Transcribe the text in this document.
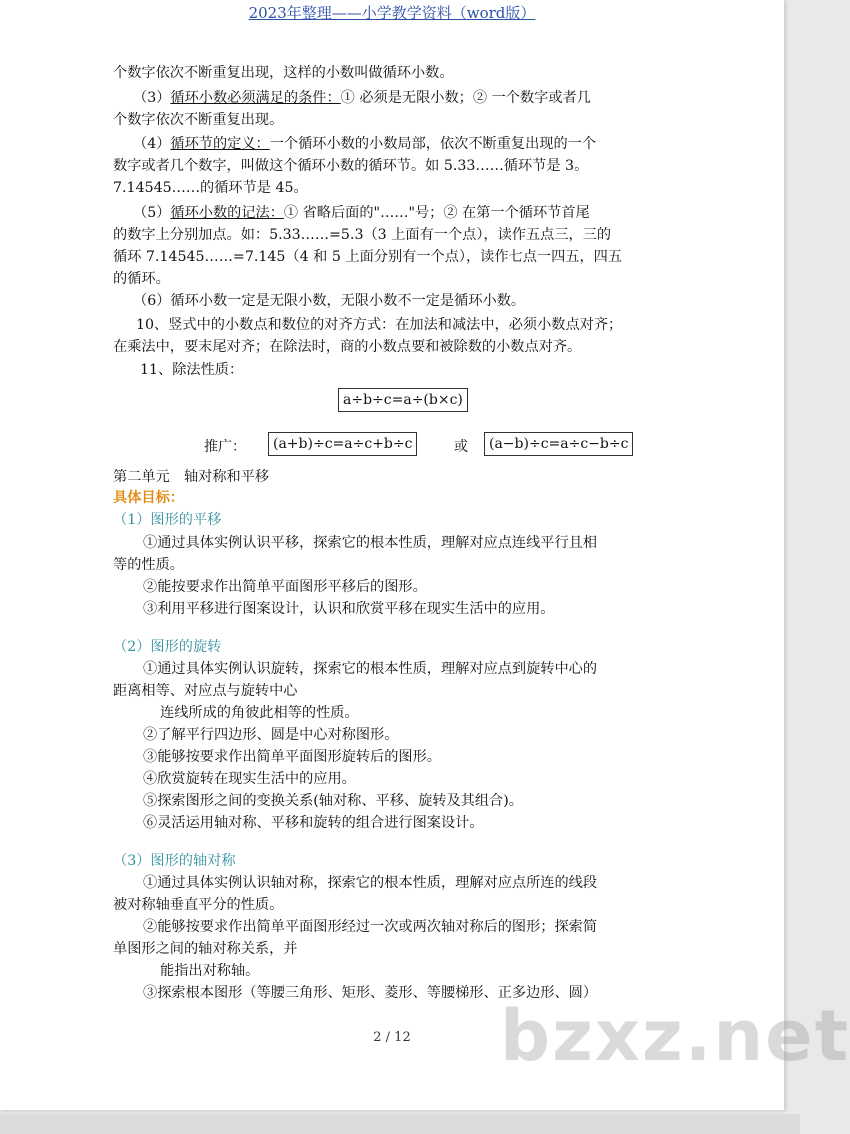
2023年整理——小学教学资料（word版）
个数字依次不断重复出现，这样的小数叫做循环小数。
（3）循环小数必须满足的条件：① 必须是无限小数；② 一个数字或者几
个数字依次不断重复出现。
（4）循环节的定义：一个循环小数的小数局部，依次不断重复出现的一个
数字或者几个数字，叫做这个循环小数的循环节。如 5.33……循环节是 3。
7.14545……的循环节是 45。
（5）循环小数的记法：① 省略后面的"……"号；② 在第一个循环节首尾
的数字上分别加点。如：5.33……=5.3（3 上面有一个点），读作五点三，三的
循环 7.14545……=7.145（4 和 5 上面分别有一个点），读作七点一四五，四五
的循环。
（6）循环小数一定是无限小数，无限小数不一定是循环小数。
10、竖式中的小数点和数位的对齐方式：在加法和减法中，必须小数点对齐；
在乘法中，要末尾对齐；在除法时，商的小数点要和被除数的小数点对齐。
11、除法性质：
a÷b÷c=a÷(b×c)
推广：	(a+b)÷c=a÷c+b÷c	或	(a−b)÷c=a÷c−b÷c
第二单元　轴对称和平移
具体目标：
（1）图形的平移
①通过具体实例认识平移，探索它的根本性质，理解对应点连线平行且相
等的性质。
②能按要求作出简单平面图形平移后的图形。
③利用平移进行图案设计，认识和欣赏平移在现实生活中的应用。
（2）图形的旋转
①通过具体实例认识旋转，探索它的根本性质，理解对应点到旋转中心的
距离相等、对应点与旋转中心
连线所成的角彼此相等的性质。
②了解平行四边形、圆是中心对称图形。
③能够按要求作出简单平面图形旋转后的图形。
④欣赏旋转在现实生活中的应用。
⑤探索图形之间的变换关系(轴对称、平移、旋转及其组合)。
⑥灵活运用轴对称、平移和旋转的组合进行图案设计。
（3）图形的轴对称
①通过具体实例认识轴对称，探索它的根本性质，理解对应点所连的线段
被对称轴垂直平分的性质。
②能够按要求作出简单平面图形经过一次或两次轴对称后的图形；探索简
单图形之间的轴对称关系，并
能指出对称轴。
③探索根本图形（等腰三角形、矩形、菱形、等腰梯形、正多边形、圆）
2 / 12	bzxz.net
